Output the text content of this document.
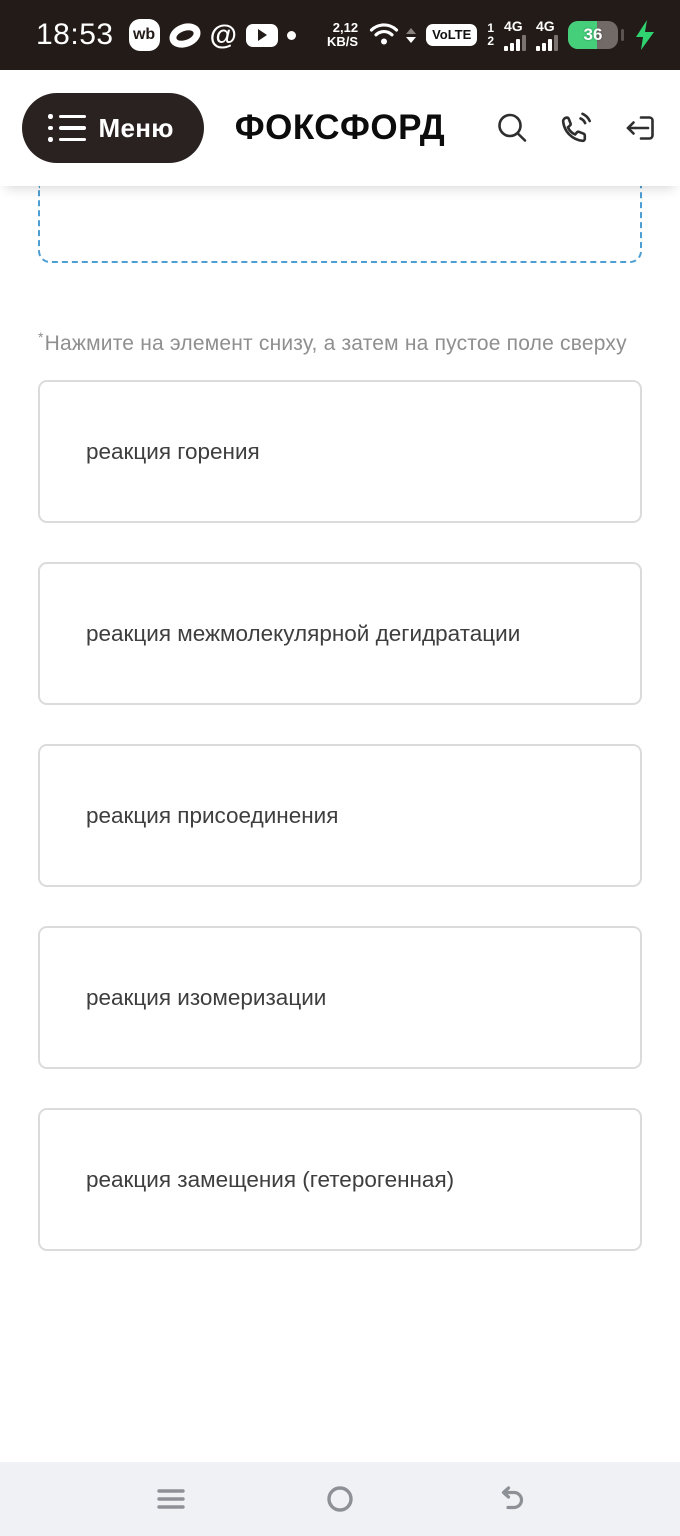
18:53 wb @	2,12
KB/S	VoLTE	1
2
4G 4G	36
Меню ФОКСФОРД

*Нажмите на элемент снизу, а затем на пустое поле сверху

реакция горения
реакция межмолекулярной дегидратации
реакция присоединения
реакция изомеризации
реакция замещения (гетерогенная)
